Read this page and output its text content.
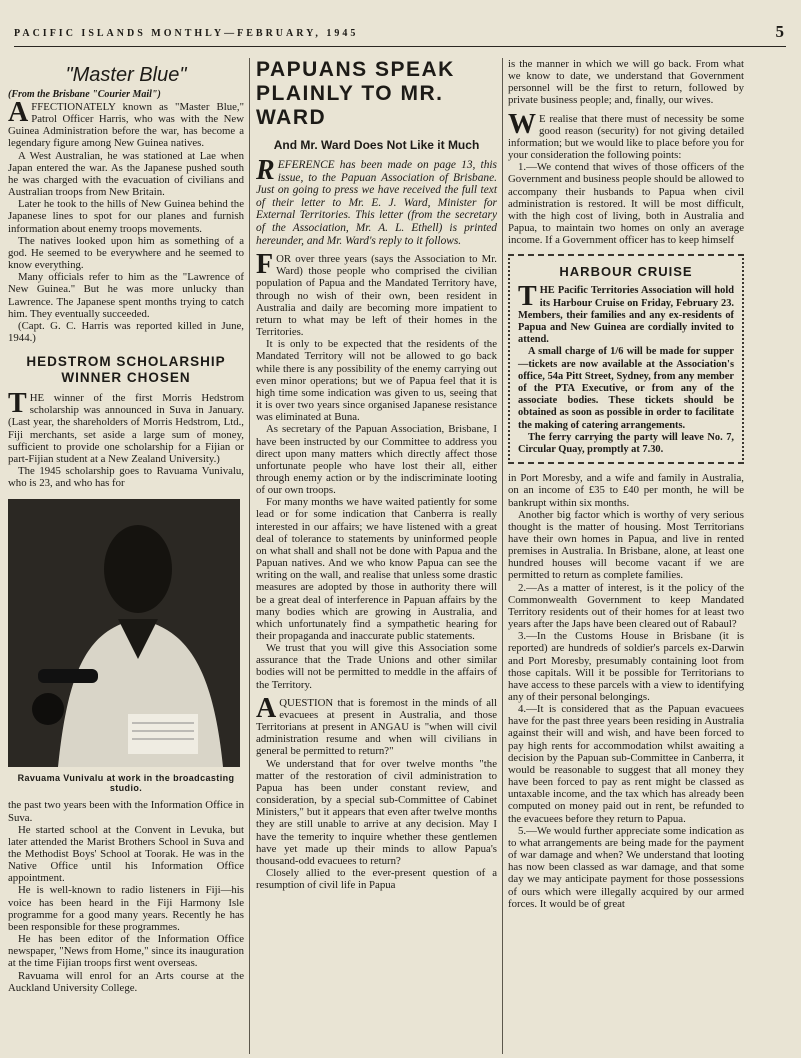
PACIFIC ISLANDS MONTHLY—FEBRUARY, 1945	5
"Master Blue"
(From the Brisbane "Courier Mail")

AFFECTIONATELY known as "Master Blue," Patrol Officer Harris, who was with the New Guinea Administration before the war, has become a legendary figure among New Guinea natives.

A West Australian, he was stationed at Lae when Japan entered the war. As the Japanese pushed south he was charged with the evacuation of civilians and Australian troops from New Britain.

Later he took to the hills of New Guinea behind the Japanese lines to spot for our planes and furnish information about enemy troops movements.

The natives looked upon him as something of a god. He seemed to be everywhere and he seemed to know everything.

Many officials refer to him as the "Lawrence of New Guinea." But he was more unlucky than Lawrence. The Japanese spent months trying to catch him. They eventually succeeded.

(Capt. G. C. Harris was reported killed in June, 1944.)

HEDSTROM SCHOLARSHIP
WINNER CHOSEN

THE winner of the first Morris Hedstrom scholarship was announced in Suva in January. (Last year, the shareholders of Morris Hedstrom, Ltd., Fiji merchants, set aside a large sum of money, sufficient to provide one scholarship for a Fijian or part-Fijian student at a New Zealand University.)

The 1945 scholarship goes to Ravuama Vunivalu, who is 23, and who has for

Ravuama Vunivalu at work in the broadcasting studio.

the past two years been with the Information Office in Suva.

He started school at the Convent in Levuka, but later attended the Marist Brothers School in Suva and the Methodist Boys' School at Toorak. He was in the Native Office until his Information Office appointment.

He is well-known to radio listeners in Fiji—his voice has been heard in the Fiji Harmony Isle programme for a good many years. Recently he has been responsible for these programmes.

He has been editor of the Information Office newspaper, "News from Home," since its inauguration at the time Fijian troops first went overseas.

Ravuama will enrol for an Arts course at the Auckland University College.

PAPUANS SPEAK PLAINLY TO MR. WARD
And Mr. Ward Does Not Like it Much

REFERENCE has been made on page 13, this issue, to the Papuan Association of Brisbane. Just on going to press we have received the full text of their letter to Mr. E. J. Ward, Minister for External Territories. This letter (from the secretary of the Association, Mr. A. L. Ethell) is printed hereunder, and Mr. Ward's reply to it follows.

FOR over three years (says the Association to Mr. Ward) those people who comprised the civilian population of Papua and the Mandated Territory have, through no wish of their own, been resident in Australia and daily are becoming more impatient to return to what may be left of their homes in the Territories.

It is only to be expected that the residents of the Mandated Territory will not be allowed to go back while there is any possibility of the enemy carrying out even minor operations; but we of Papua feel that it is high time some indication was given to us, seeing that it is over two years since organised Japanese resistance was eliminated at Buna.

As secretary of the Papuan Association, Brisbane, I have been instructed by our Committee to address you direct upon many matters which directly affect those unfortunate people who have lost their all, either through enemy action or by the indiscriminate looting of our own troops.

For many months we have waited patiently for some lead or for some indication that Canberra is really interested in our affairs; we have listened with a great deal of tolerance to statements by uninformed people on what shall and shall not be done with Papua and the Papuan natives. And we who know Papua can see the writing on the wall, and realise that unless some drastic measures are adopted by those in authority there will be a great deal of interference in Papuan affairs by the many bodies which are growing in Australia, and which unfortunately find a sympathetic hearing for their propaganda and inaccurate public statements.

We trust that you will give this Association some assurance that the Trade Unions and other similar bodies will not be permitted to meddle in the affairs of the Territory.

A QUESTION that is foremost in the minds of all evacuees at present in Australia, and those Territorians at present in ANGAU is "when will civil administration resume and when will civilians in general be permitted to return?"

We understand that for over twelve months "the matter of the restoration of civil administration to Papua has been under constant review, and consideration, by a special sub-Committee of Cabinet Ministers," but it appears that even after twelve months they are still unable to arrive at any decision. May I have the temerity to inquire whether these gentlemen have yet made up their minds to allow Papua's thousand-odd evacuees to return?

Closely allied to the ever-present question of a resumption of civil life in Papua

is the manner in which we will go back. From what we know to date, we understand that Government personnel will be the first to return, followed by private business people; and, finally, our wives.

W E realise that there must of necessity be some good reason (security) for not giving detailed information; but we would like to place before you for your consideration the following points:

1.—We contend that wives of those officers of the Government and business people should be allowed to accompany their husbands to Papua when civil administration is restored. It will be most difficult, with the high cost of living, both in Australia and Papua, to maintain two homes on only an average income. If a Government officer has to keep himself

HARBOUR CRUISE

THE Pacific Territories Association will hold its Harbour Cruise on Friday, February 23. Members, their families and any ex-residents of Papua and New Guinea are cordially invited to attend.

A small charge of 1/6 will be made for supper—tickets are now available at the Association's office, 54a Pitt Street, Sydney, from any member of the PTA Executive, or from any of the associate bodies. These tickets should be obtained as soon as possible in order to facilitate the making of catering arrangements.

The ferry carrying the party will leave No. 7, Circular Quay, promptly at 7.30.

in Port Moresby, and a wife and family in Australia, on an income of £35 to £40 per month, he will be bankrupt within six months.

Another big factor which is worthy of very serious thought is the matter of housing. Most Territorians have their own homes in Papua, and live in rented premises in Australia. In Brisbane, alone, at least one hundred houses will become vacant if we are permitted to return as complete families.

2.—As a matter of interest, is it the policy of the Commonwealth Government to keep Mandated Territory residents out of their homes for at least two years after the Japs have been cleared out of Rabaul?

3.—In the Customs House in Brisbane (it is reported) are hundreds of soldier's parcels ex-Darwin and Port Moresby, presumably containing loot from those capitals. Will it be possible for Territorians to have access to these parcels with a view to identifying any of their personal belongings.

4.—It is considered that as the Papuan evacuees have for the past three years been residing in Australia against their will and wish, and have been forced to pay high rents for accommodation whilst awaiting a decision by the Papuan sub-Committee in Canberra, it would be reasonable to suggest that all money they have been forced to pay as rent might be classed as untaxable income, and the tax which has already been computed on money paid out in rent, be refunded to the evacuees before they return to Papua.

5.—We would further appreciate some indication as to what arrangements are being made for the payment of war damage and when? We understand that looting has now been classed as war damage, and that some day we may anticipate payment for those possessions of ours which were illegally acquired by our armed forces. It would be of great
